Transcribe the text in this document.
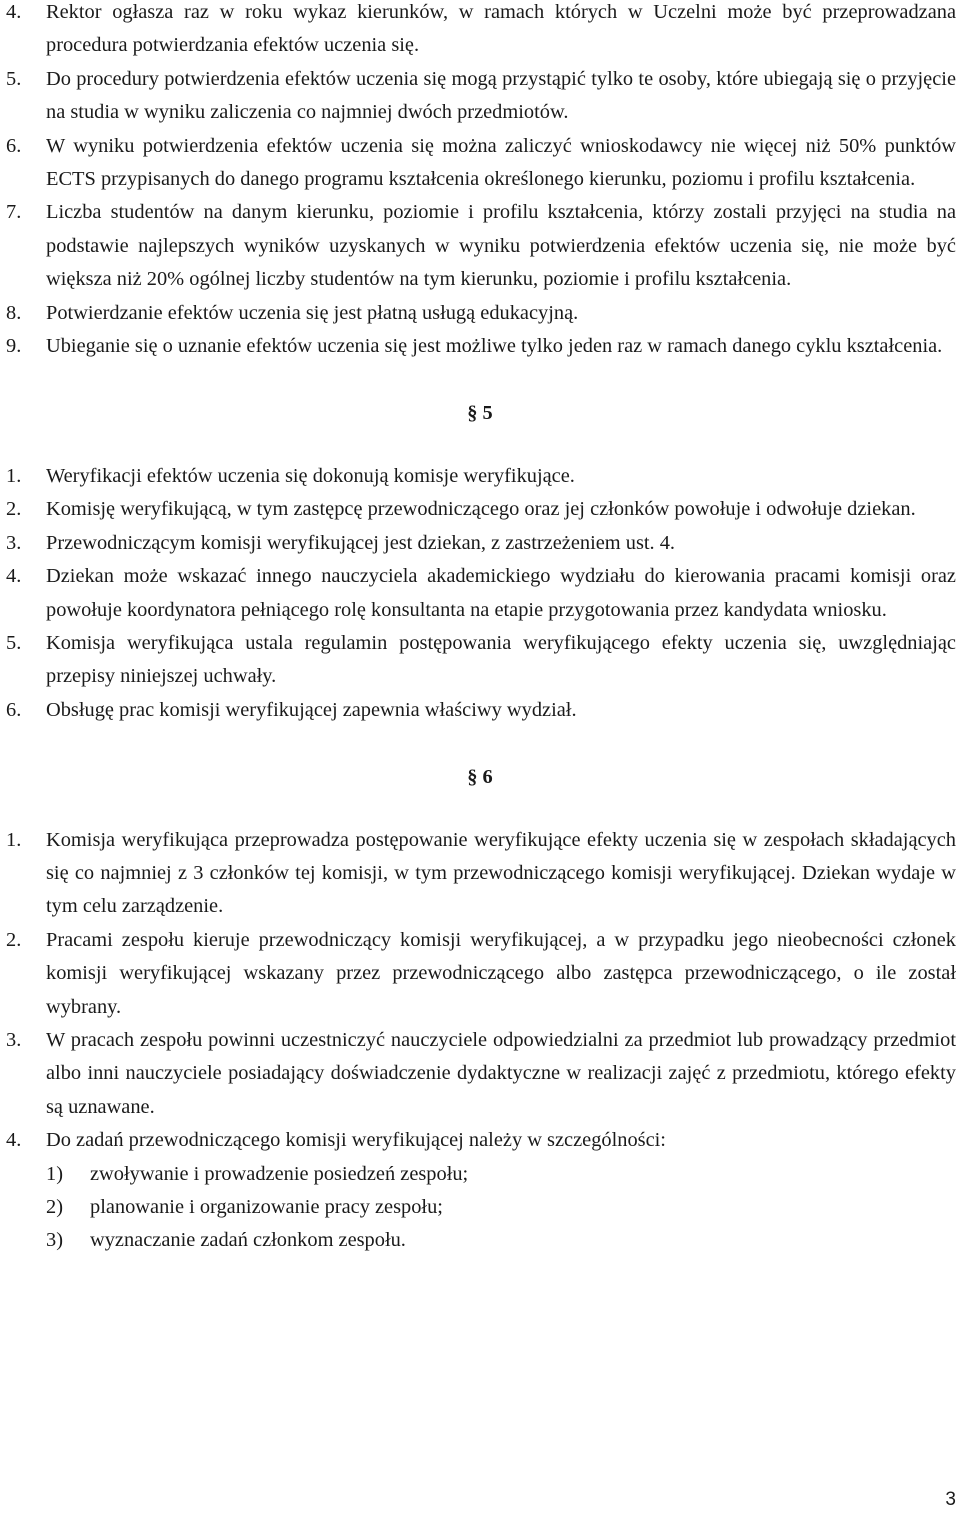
4. Rektor ogłasza raz w roku wykaz kierunków, w ramach których w Uczelni może być przeprowadzana procedura potwierdzania efektów uczenia się.

5. Do procedury potwierdzenia efektów uczenia się mogą przystąpić tylko te osoby, które ubiegają się o przyjęcie na studia w wyniku zaliczenia co najmniej dwóch przedmiotów.

6. W wyniku potwierdzenia efektów uczenia się można zaliczyć wnioskodawcy nie więcej niż 50% punktów ECTS przypisanych do danego programu kształcenia określonego kierunku, poziomu i profilu kształcenia.

7. Liczba studentów na danym kierunku, poziomie i profilu kształcenia, którzy zostali przyjęci na studia na podstawie najlepszych wyników uzyskanych w wyniku potwierdzenia efektów uczenia się, nie może być większa niż 20% ogólnej liczby studentów na tym kierunku, poziomie i profilu kształcenia.

8. Potwierdzanie efektów uczenia się jest płatną usługą edukacyjną.

9. Ubieganie się o uznanie efektów uczenia się jest możliwe tylko jeden raz w ramach danego cyklu kształcenia.

§ 5

1. Weryfikacji efektów uczenia się dokonują komisje weryfikujące.

2. Komisję weryfikującą, w tym zastępcę przewodniczącego oraz jej członków powołuje i odwołuje dziekan.

3. Przewodniczącym komisji weryfikującej jest dziekan, z zastrzeżeniem ust. 4.

4. Dziekan może wskazać innego nauczyciela akademickiego wydziału do kierowania pracami komisji oraz powołuje koordynatora pełniącego rolę konsultanta na etapie przygotowania przez kandydata wniosku.

5. Komisja weryfikująca ustala regulamin postępowania weryfikującego efekty uczenia się, uwzględniając przepisy niniejszej uchwały.

6. Obsługę prac komisji weryfikującej zapewnia właściwy wydział.

§ 6

1. Komisja weryfikująca przeprowadza postępowanie weryfikujące efekty uczenia się w zespołach składających się co najmniej z 3 członków tej komisji, w tym przewodniczącego komisji weryfikującej. Dziekan wydaje w tym celu zarządzenie.

2. Pracami zespołu kieruje przewodniczący komisji weryfikującej, a w przypadku jego nieobecności członek komisji weryfikującej wskazany przez przewodniczącego albo zastępca przewodniczącego, o ile został wybrany.

3. W pracach zespołu powinni uczestniczyć nauczyciele odpowiedzialni za przedmiot lub prowadzący przedmiot albo inni nauczyciele posiadający doświadczenie dydaktyczne w realizacji zajęć z przedmiotu, którego efekty są uznawane.

4. Do zadań przewodniczącego komisji weryfikującej należy w szczególności:

1) zwoływanie i prowadzenie posiedzeń zespołu;

2) planowanie i organizowanie pracy zespołu;

3) wyznaczanie zadań członkom zespołu.

3
